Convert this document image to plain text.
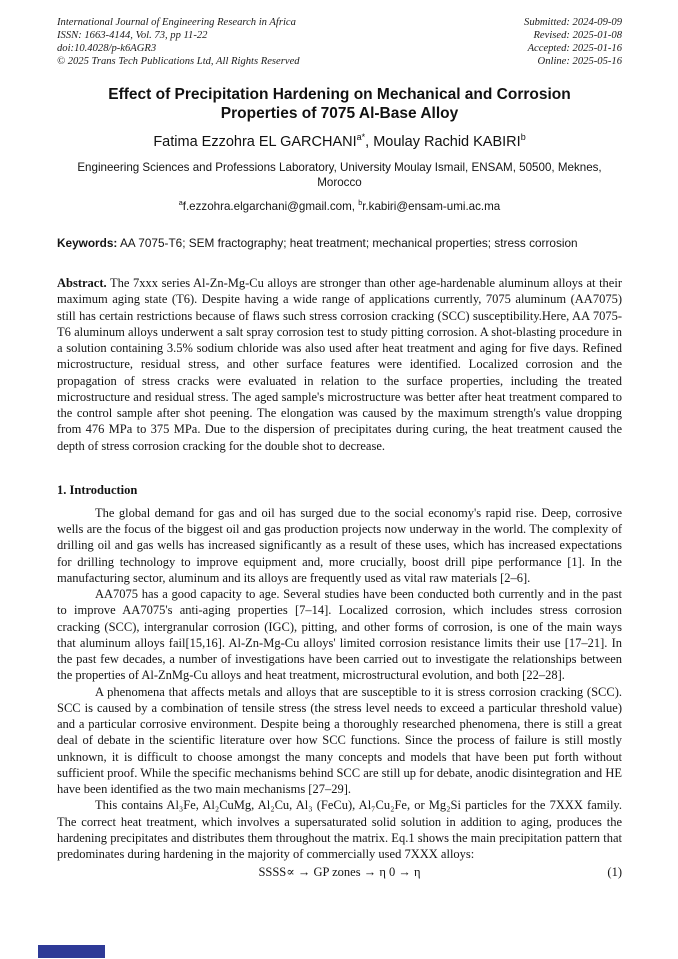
International Journal of Engineering Research in Africa
ISSN: 1663-4144, Vol. 73, pp 11-22
doi:10.4028/p-k6AGR3
© 2025 Trans Tech Publications Ltd, All Rights Reserved
Submitted: 2024-09-09
Revised: 2025-01-08
Accepted: 2025-01-16
Online: 2025-05-16
Effect of Precipitation Hardening on Mechanical and Corrosion Properties of 7075 Al-Base Alloy
Fatima Ezzohra EL $GARCHANI^{a*}$, Moulay Rachid KABIRI$^b$
Engineering Sciences and Professions Laboratory, University Moulay Ismail, ENSAM, 50500, Meknes, Morocco
$^a$f.ezzohra.elgarchani@gmail.com, $^b$r.kabiri@ensam-umi.ac.ma

Keywords: AA 7075-T6; SEM fractography; heat treatment; mechanical properties; stress corrosion

Abstract. The 7xxx series Al-Zn-Mg-Cu alloys are stronger than other age-hardenable aluminum alloys at their maximum aging state (T6). Despite having a wide range of applications currently, 7075 aluminum (AA7075) still has certain restrictions because of flaws such stress corrosion cracking (SCC) susceptibility.Here, AA 7075-T6 aluminum alloys underwent a salt spray corrosion test to study pitting corrosion. A shot-blasting procedure in a solution containing 3.5% sodium chloride was also used after heat treatment and aging for five days. Refined microstructure, residual stress, and other surface features were identified. Localized corrosion and the propagation of stress cracks were evaluated in relation to the surface properties, including the treated microstructure and residual stress. The aged sample's microstructure was better after heat treatment compared to the control sample after shot peening. The elongation was caused by the maximum strength's value dropping from 476 MPa to 375 MPa. Due to the dispersion of precipitates during curing, the heat treatment caused the depth of stress corrosion cracking for the double shot to decrease.

1. Introduction

The global demand for gas and oil has surged due to the social economy's rapid rise. Deep, corrosive wells are the focus of the biggest oil and gas production projects now underway in the world. The complexity of drilling oil and gas wells has increased significantly as a result of these uses, which has increased expectations for drilling technology to improve equipment and, more crucially, boost drill pipe performance [1]. In the manufacturing sector, aluminum and its alloys are frequently used as vital raw materials [2–6].

AA7075 has a good capacity to age. Several studies have been conducted both currently and in the past to improve AA7075's anti-aging properties [7–14]. Localized corrosion, which includes stress corrosion cracking (SCC), intergranular corrosion (IGC), pitting, and other forms of corrosion, is one of the main ways that aluminum alloys fail[15,16]. Al-Zn-Mg-Cu alloys' limited corrosion resistance limits their use [17–21]. In the past few decades, a number of investigations have been carried out to investigate the relationships between the properties of Al-ZnMg-Cu alloys and heat treatment, microstructural evolution, and both [22–28].

A phenomena that affects metals and alloys that are susceptible to it is stress corrosion cracking (SCC). SCC is caused by a combination of tensile stress (the stress level needs to exceed a particular threshold value) and a particular corrosive environment. Despite being a thoroughly researched phenomena, there is still a great deal of debate in the scientific literature over how SCC functions. Since the process of failure is still mostly unknown, it is difficult to choose amongst the many concepts and models that have been put forth without sufficient proof. While the specific mechanisms behind SCC are still up for debate, anodic disintegration and HE have been identified as the two main mechanisms [27–29].

This contains Al₃Fe, Al₂CuMg, Al₂Cu, Al₃ (FeCu), Al₇Cu₂Fe, or Mg₂Si particles for the 7XXX family. The correct heat treatment, which involves a supersaturated solid solution in addition to aging, produces the hardening precipitates and distributes them throughout the matrix. Eq.1 shows the main precipitation pattern that predominates during hardening in the majority of commercially used 7XXX alloys:

SSSS∝ → GP zones → η 0 → η	(1)
